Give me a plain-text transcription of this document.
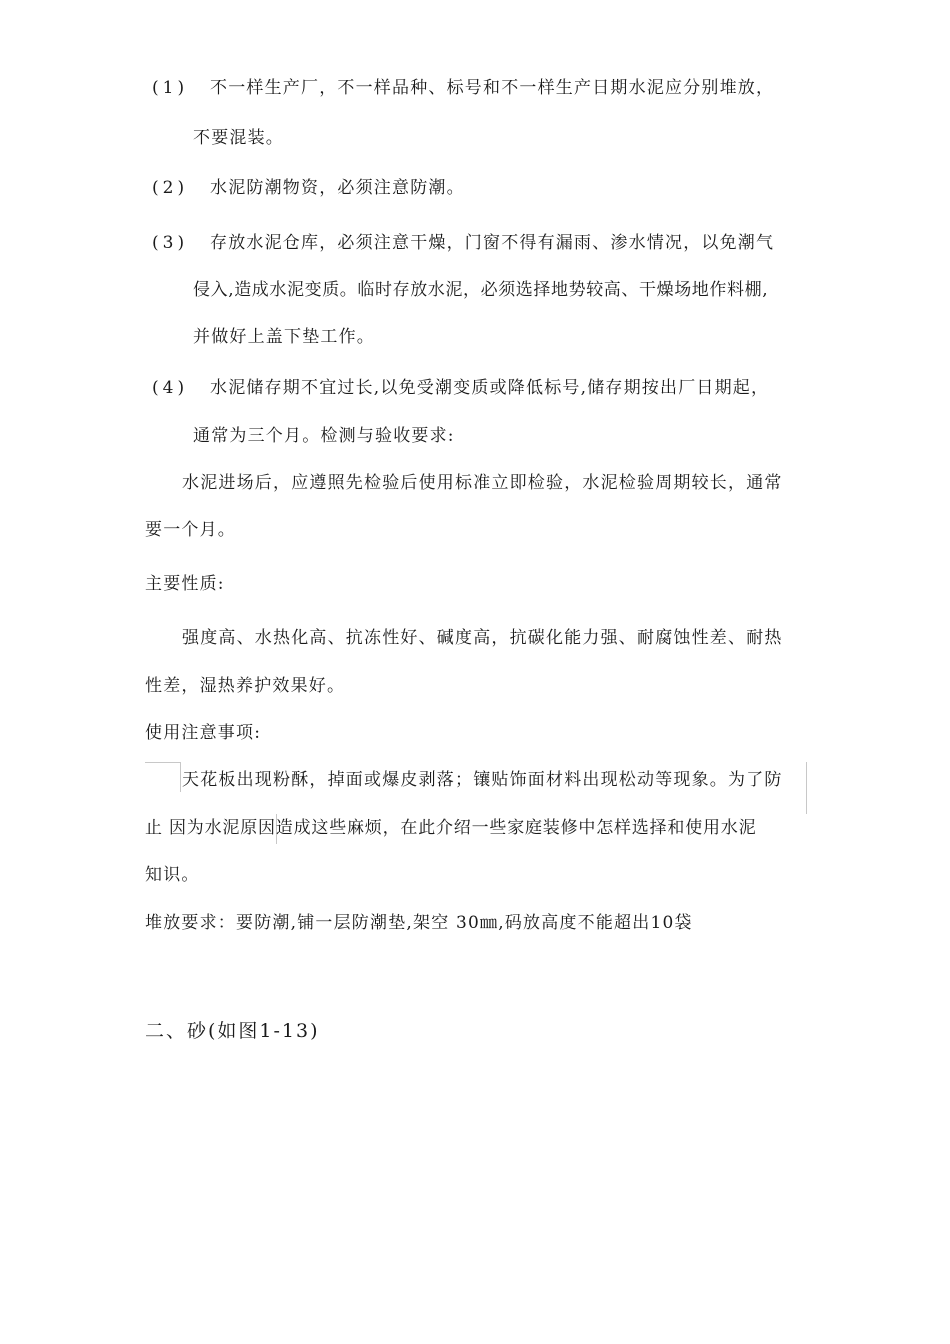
(1) 不一样生产厂，不一样品种、标号和不一样生产日期水泥应分别堆放，
不要混装。
(2) 水泥防潮物资，必须注意防潮。
(3) 存放水泥仓库，必须注意干燥，门窗不得有漏雨、渗水情况，以免潮气
侵入,造成水泥变质。临时存放水泥，必须选择地势较高、干燥场地作料棚,
并做好上盖下垫工作。
(4) 水泥储存期不宜过长,以免受潮变质或降低标号,储存期按出厂日期起，
通常为三个月。检测与验收要求:
水泥进场后，应遵照先检验后使用标准立即检验，水泥检验周期较长，通常
要一个月。
主要性质:
强度高、水热化高、抗冻性好、碱度高，抗碳化能力强、耐腐蚀性差、耐热
性差，湿热养护效果好。
使用注意事项:
天花板出现粉酥，掉面或爆皮剥落；镶贴饰面材料出现松动等现象。为了防
止 因为水泥原因造成这些麻烦，在此介绍一些家庭装修中怎样选择和使用水泥
知识。
堆放要求：要防潮,铺一层防潮垫,架空 30㎜,码放高度不能超出10袋
二、砂(如图1-13)
